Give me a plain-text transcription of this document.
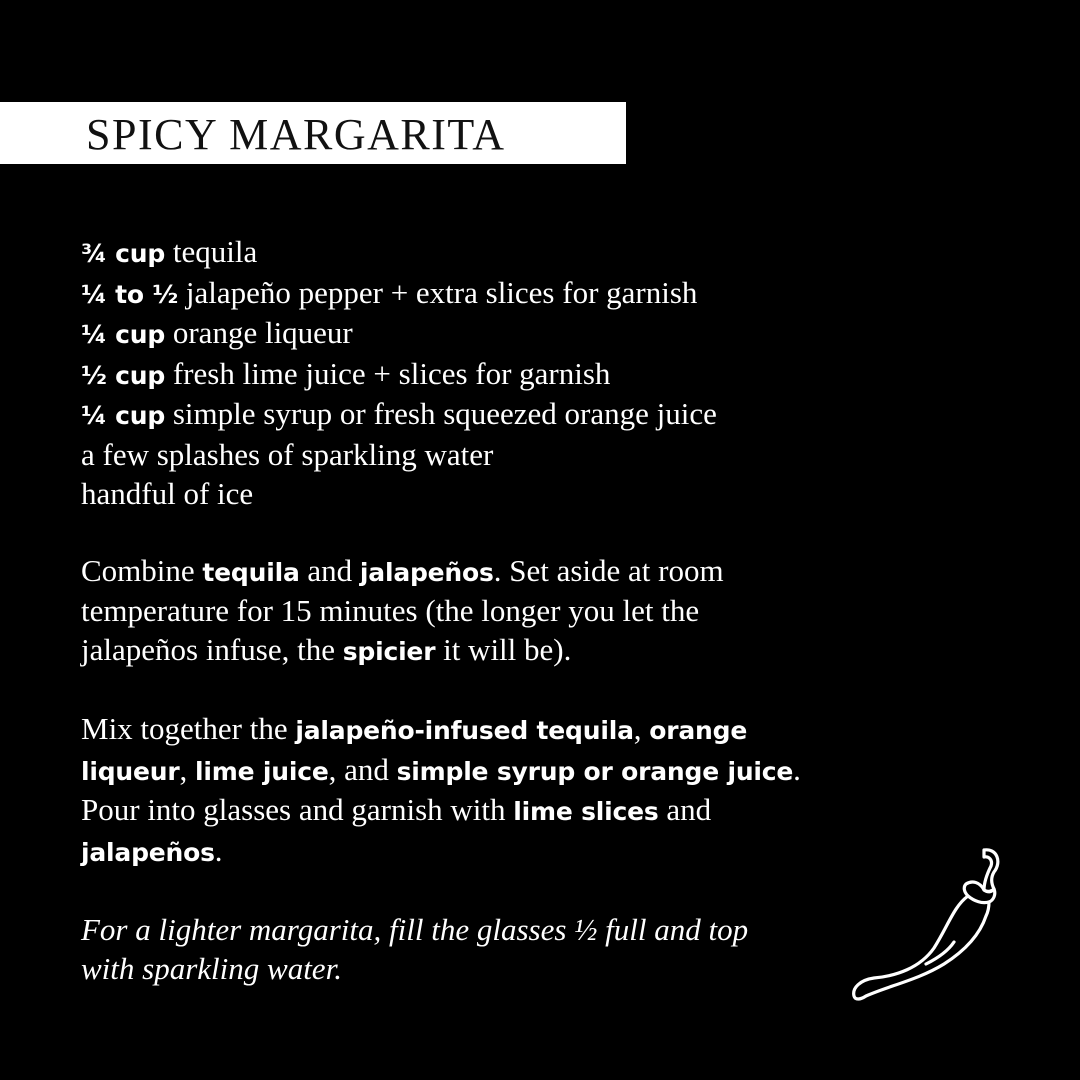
SPICY MARGARITA
¾ cup tequila
¼ to ½ jalapeño pepper + extra slices for garnish
¼ cup orange liqueur
½ cup fresh lime juice + slices for garnish
¼ cup simple syrup or fresh squeezed orange juice
a few splashes of sparkling water
handful of ice
Combine tequila and jalapeños. Set aside at room
temperature for 15 minutes (the longer you let the
jalapeños infuse, the spicier it will be).
Mix together the jalapeño-infused tequila, orange
liqueur, lime juice, and simple syrup or orange juice.
Pour into glasses and garnish with lime slices and
jalapeños.
For a lighter margarita, fill the glasses ½ full and top
with sparkling water.
